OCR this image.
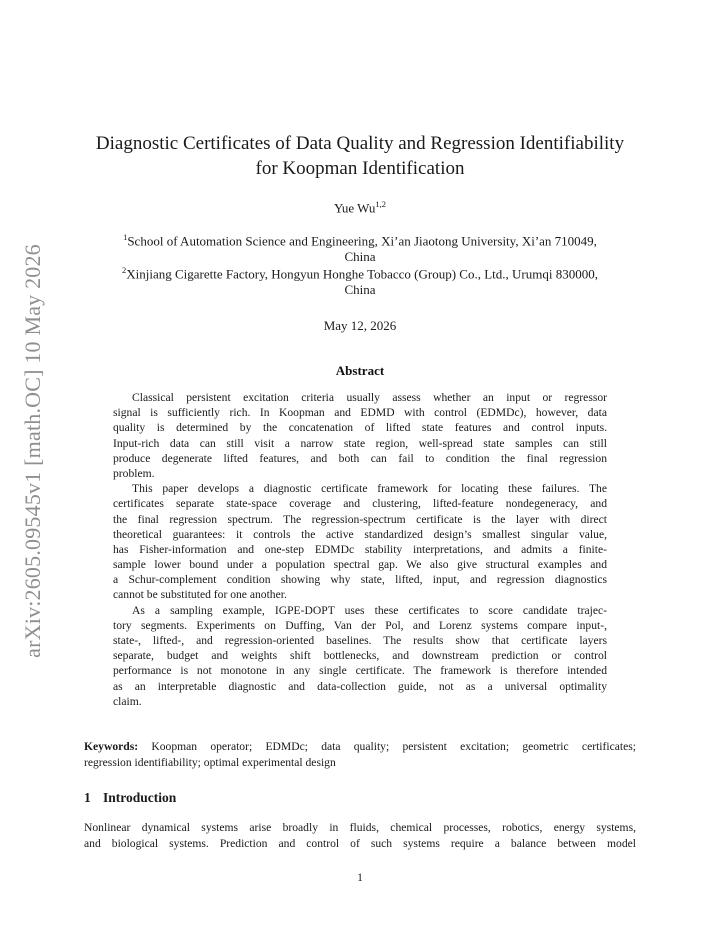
arXiv:2605.09545v1 [math.OC] 10 May 2026
Diagnostic Certificates of Data Quality and Regression Identifiability
for Koopman Identification
Yue Wu$^{1,2}$
$^1$School of Automation Science and Engineering, Xi’an Jiaotong University, Xi’an 710049,
China
$^2$Xinjiang Cigarette Factory, Hongyun Honghe Tobacco (Group) Co., Ltd., Urumqi 830000,
China
May 12, 2026
Abstract
Classical persistent excitation criteria usually assess whether an input or regressor
signal is sufficiently rich. In Koopman and EDMD with control (EDMDc), however, data
quality is determined by the concatenation of lifted state features and control inputs.
Input-rich data can still visit a narrow state region, well-spread state samples can still
produce degenerate lifted features, and both can fail to condition the final regression
problem.
This paper develops a diagnostic certificate framework for locating these failures. The
certificates separate state-space coverage and clustering, lifted-feature nondegeneracy, and
the final regression spectrum. The regression-spectrum certificate is the layer with direct
theoretical guarantees: it controls the active standardized design’s smallest singular value,
has Fisher-information and one-step EDMDc stability interpretations, and admits a finite-
sample lower bound under a population spectral gap. We also give structural examples and
a Schur-complement condition showing why state, lifted, input, and regression diagnostics
cannot be substituted for one another.
As a sampling example, IGPE-DOPT uses these certificates to score candidate trajec-
tory segments. Experiments on Duffing, Van der Pol, and Lorenz systems compare input-,
state-, lifted-, and regression-oriented baselines. The results show that certificate layers
separate, budget and weights shift bottlenecks, and downstream prediction or control
performance is not monotone in any single certificate. The framework is therefore intended
as an interpretable diagnostic and data-collection guide, not as a universal optimality
claim.
Keywords: Koopman operator; EDMDc; data quality; persistent excitation; geometric certificates;
regression identifiability; optimal experimental design
1 Introduction
Nonlinear dynamical systems arise broadly in fluids, chemical processes, robotics, energy systems,
and biological systems. Prediction and control of such systems require a balance between model
1
